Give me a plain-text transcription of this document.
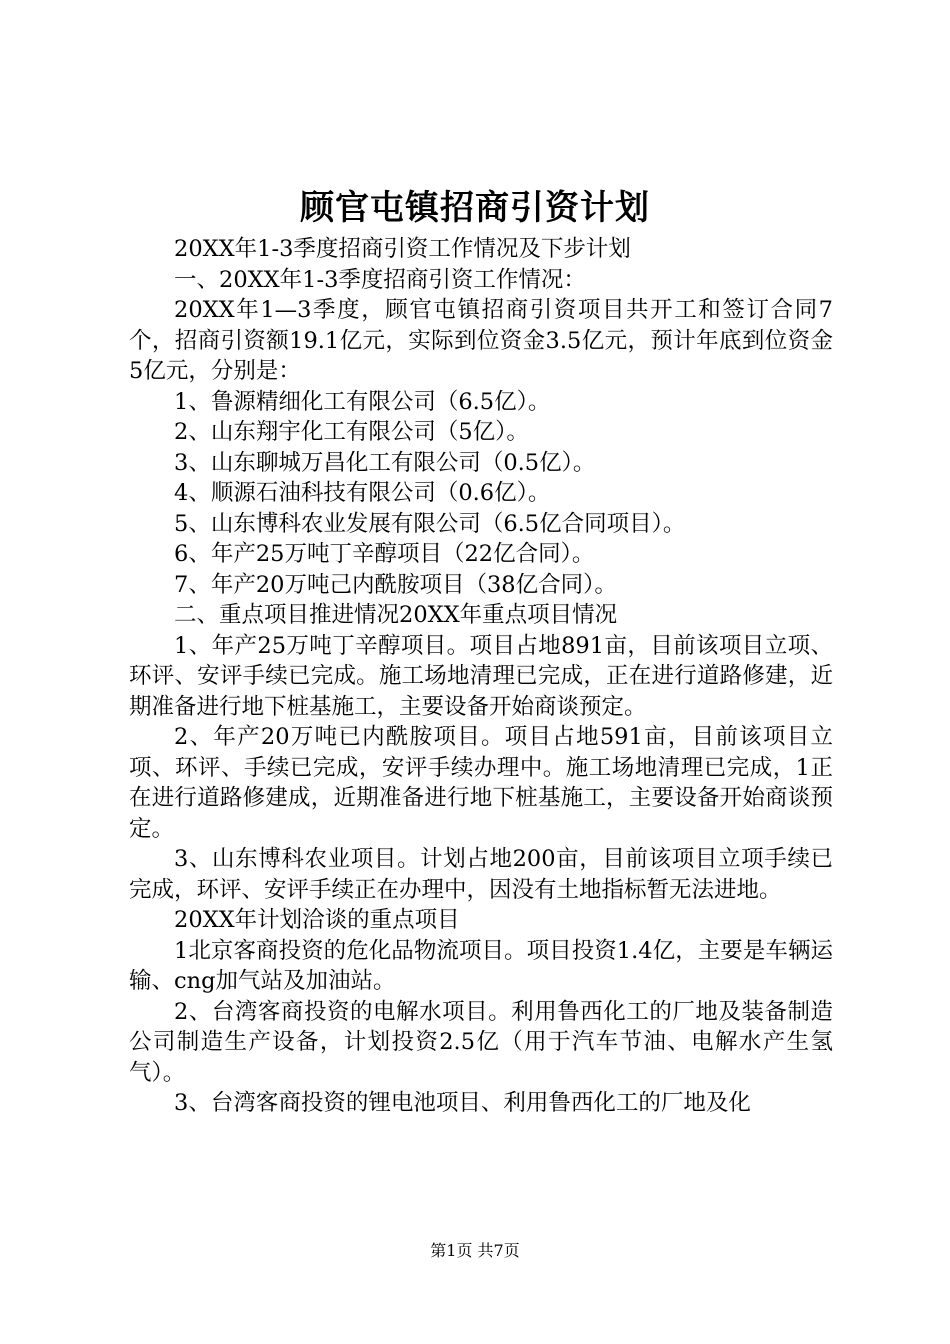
顾官屯镇招商引资计划

20XX年1-3季度招商引资工作情况及下步计划

一、20XX年1-3季度招商引资工作情况：

20XX年1—3季度，顾官屯镇招商引资项目共开工和签订合同7个，招商引资额19.1亿元，实际到位资金3.5亿元，预计年底到位资金5亿元，分别是：

1、鲁源精细化工有限公司（6.5亿）。

2、山东翔宇化工有限公司（5亿）。

3、山东聊城万昌化工有限公司（0.5亿）。

4、顺源石油科技有限公司（0.6亿）。

5、山东博科农业发展有限公司（6.5亿合同项目）。

6、年产25万吨丁辛醇项目（22亿合同）。

7、年产20万吨己内酰胺项目（38亿合同）。

二、重点项目推进情况20XX年重点项目情况

1、年产25万吨丁辛醇项目。项目占地891亩，目前该项目立项、环评、安评手续已完成。施工场地清理已完成，正在进行道路修建，近期准备进行地下桩基施工，主要设备开始商谈预定。

2、年产20万吨已内酰胺项目。项目占地591亩，目前该项目立项、环评、手续已完成，安评手续办理中。施工场地清理已完成，1正在进行道路修建成，近期准备进行地下桩基施工，主要设备开始商谈预定。

3、山东博科农业项目。计划占地200亩，目前该项目立项手续已完成，环评、安评手续正在办理中，因没有土地指标暂无法进地。

20XX年计划洽谈的重点项目

1北京客商投资的危化品物流项目。项目投资1.4亿，主要是车辆运输、cng加气站及加油站。

2、台湾客商投资的电解水项目。利用鲁西化工的厂地及装备制造公司制造生产设备，计划投资2.5亿（用于汽车节油、电解水产生氢气）。

3、台湾客商投资的锂电池项目、利用鲁西化工的厂地及化

第1页 共7页
